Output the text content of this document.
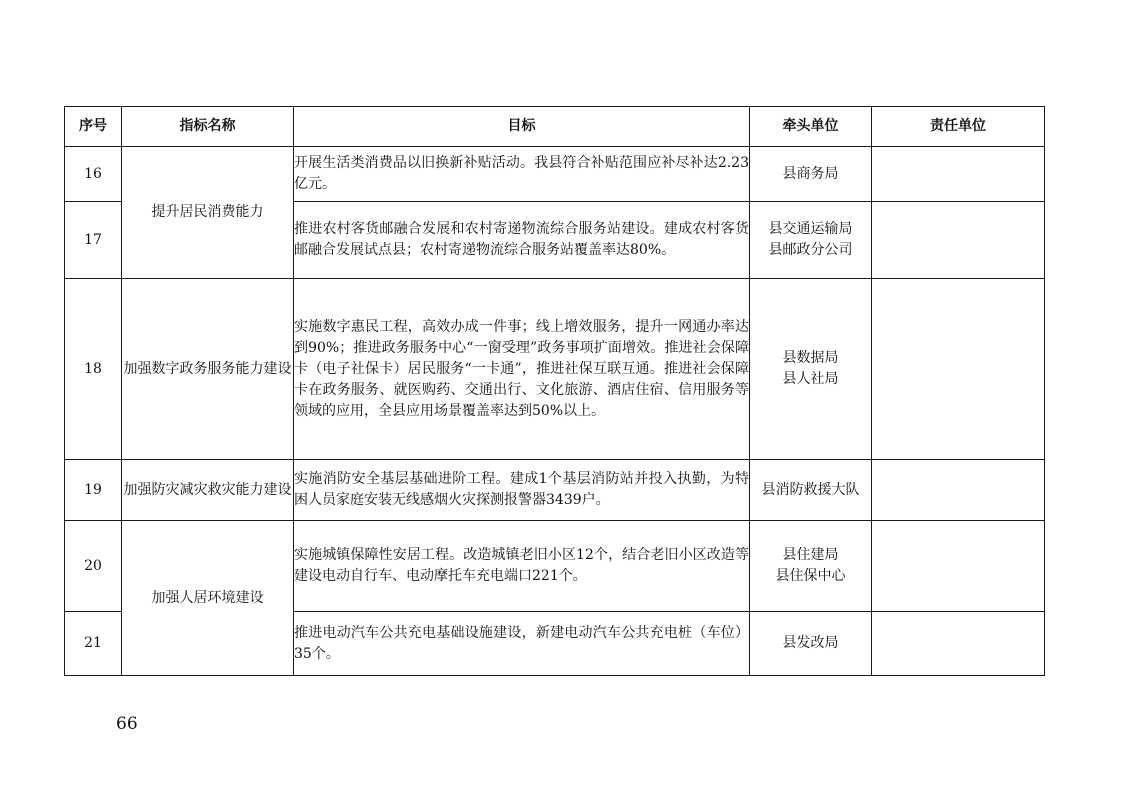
序号	指标名称	目标	牵头单位	责任单位
16	提升居民消费能力	开展生活类消费品以旧换新补贴活动。我县符合补贴范围应补尽补达2.23亿元。	县商务局	

17		推进农村客货邮融合发展和农村寄递物流综合服务站建设。建成农村客货邮融合发展试点县；农村寄递物流综合服务站覆盖率达80%。	县交通运输局
县邮政分公司	

18	加强数字政务服务能力建设	实施数字惠民工程，高效办成一件事；线上增效服务，提升一网通办率达到90%；推进政务服务中心“一窗受理”政务事项扩面增效。推进社会保障卡（电子社保卡）居民服务“一卡通”，推进社保互联互通。推进社会保障卡在政务服务、就医购药、交通出行、文化旅游、酒店住宿、信用服务等领域的应用，全县应用场景覆盖率达到50%以上。	县数据局
县人社局	

19	加强防灾减灾救灾能力建设	实施消防安全基层基础进阶工程。建成1个基层消防站并投入执勤，为特困人员家庭安装无线感烟火灾探测报警器3439户。	县消防救援大队	

20	加强人居环境建设	实施城镇保障性安居工程。改造城镇老旧小区12个，结合老旧小区改造等建设电动自行车、电动摩托车充电端口221个。	县住建局
县住保中心	

21		推进电动汽车公共充电基础设施建设，新建电动汽车公共充电桩（车位）35个。	县发改局	

66
